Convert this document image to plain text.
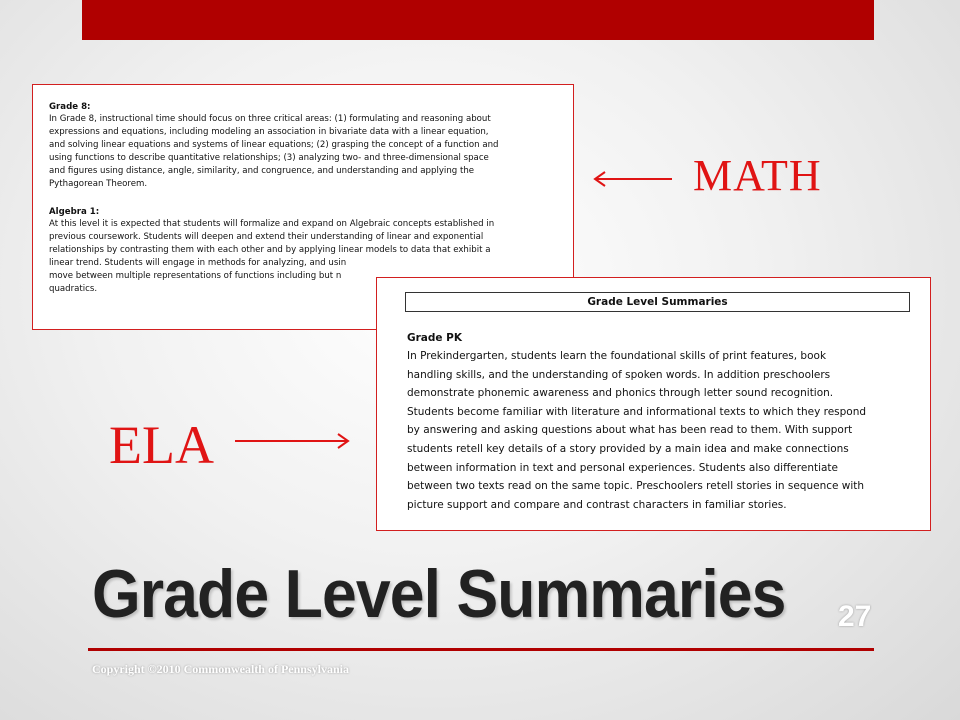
Grade 8:
In Grade 8, instructional time should focus on three critical areas: (1) formulating and reasoning about
expressions and equations, including modeling an association in bivariate data with a linear equation,
and solving linear equations and systems of linear equations; (2) grasping the concept of a function and
using functions to describe quantitative relationships; (3) analyzing two- and three-dimensional space
and figures using distance, angle, similarity, and congruence, and understanding and applying the
Pythagorean Theorem.
Algebra 1:
At this level it is expected that students will formalize and expand on Algebraic concepts established in
previous coursework. Students will deepen and extend their understanding of linear and exponential
relationships by contrasting them with each other and by applying linear models to data that exhibit a
linear trend. Students will engage in methods for analyzing, and usin
move between multiple representations of functions including but n
quadratics.
MATH
ELA
Grade Level Summaries
Grade PK
In Prekindergarten, students learn the foundational skills of print features, book
handling skills, and the understanding of spoken words. In addition preschoolers
demonstrate phonemic awareness and phonics through letter sound recognition.
Students become familiar with literature and informational texts to which they respond
by answering and asking questions about what has been read to them. With support
students retell key details of a story provided by a main idea and make connections
between information in text and personal experiences. Students also differentiate
between two texts read on the same topic. Preschoolers retell stories in sequence with
picture support and compare and contrast characters in familiar stories.
Grade Level Summaries 27
Copyright ©2010 Commonwealth of Pennsylvania
